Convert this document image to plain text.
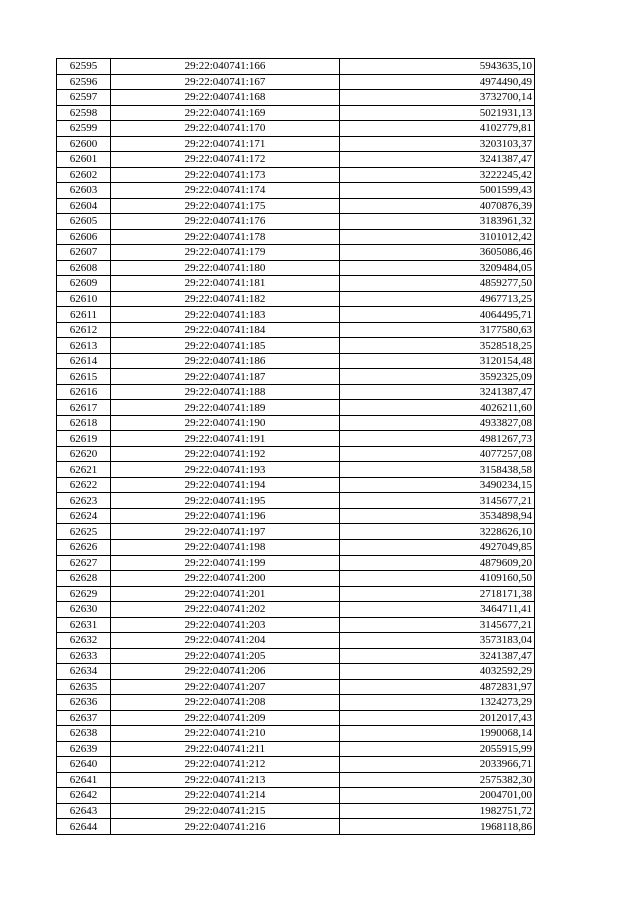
62595	29:22:040741:166	5943635,10
62596	29:22:040741:167	4974490,49
62597	29:22:040741:168	3732700,14
62598	29:22:040741:169	5021931,13
62599	29:22:040741:170	4102779,81
62600	29:22:040741:171	3203103,37
62601	29:22:040741:172	3241387,47
62602	29:22:040741:173	3222245,42
62603	29:22:040741:174	5001599,43
62604	29:22:040741:175	4070876,39
62605	29:22:040741:176	3183961,32
62606	29:22:040741:178	3101012,42
62607	29:22:040741:179	3605086,46
62608	29:22:040741:180	3209484,05
62609	29:22:040741:181	4859277,50
62610	29:22:040741:182	4967713,25
62611	29:22:040741:183	4064495,71
62612	29:22:040741:184	3177580,63
62613	29:22:040741:185	3528518,25
62614	29:22:040741:186	3120154,48
62615	29:22:040741:187	3592325,09
62616	29:22:040741:188	3241387,47
62617	29:22:040741:189	4026211,60
62618	29:22:040741:190	4933827,08
62619	29:22:040741:191	4981267,73
62620	29:22:040741:192	4077257,08
62621	29:22:040741:193	3158438,58
62622	29:22:040741:194	3490234,15
62623	29:22:040741:195	3145677,21
62624	29:22:040741:196	3534898,94
62625	29:22:040741:197	3228626,10
62626	29:22:040741:198	4927049,85
62627	29:22:040741:199	4879609,20
62628	29:22:040741:200	4109160,50
62629	29:22:040741:201	2718171,38
62630	29:22:040741:202	3464711,41
62631	29:22:040741:203	3145677,21
62632	29:22:040741:204	3573183,04
62633	29:22:040741:205	3241387,47
62634	29:22:040741:206	4032592,29
62635	29:22:040741:207	4872831,97
62636	29:22:040741:208	1324273,29
62637	29:22:040741:209	2012017,43
62638	29:22:040741:210	1990068,14
62639	29:22:040741:211	2055915,99
62640	29:22:040741:212	2033966,71
62641	29:22:040741:213	2575382,30
62642	29:22:040741:214	2004701,00
62643	29:22:040741:215	1982751,72
62644	29:22:040741:216	1968118,86
